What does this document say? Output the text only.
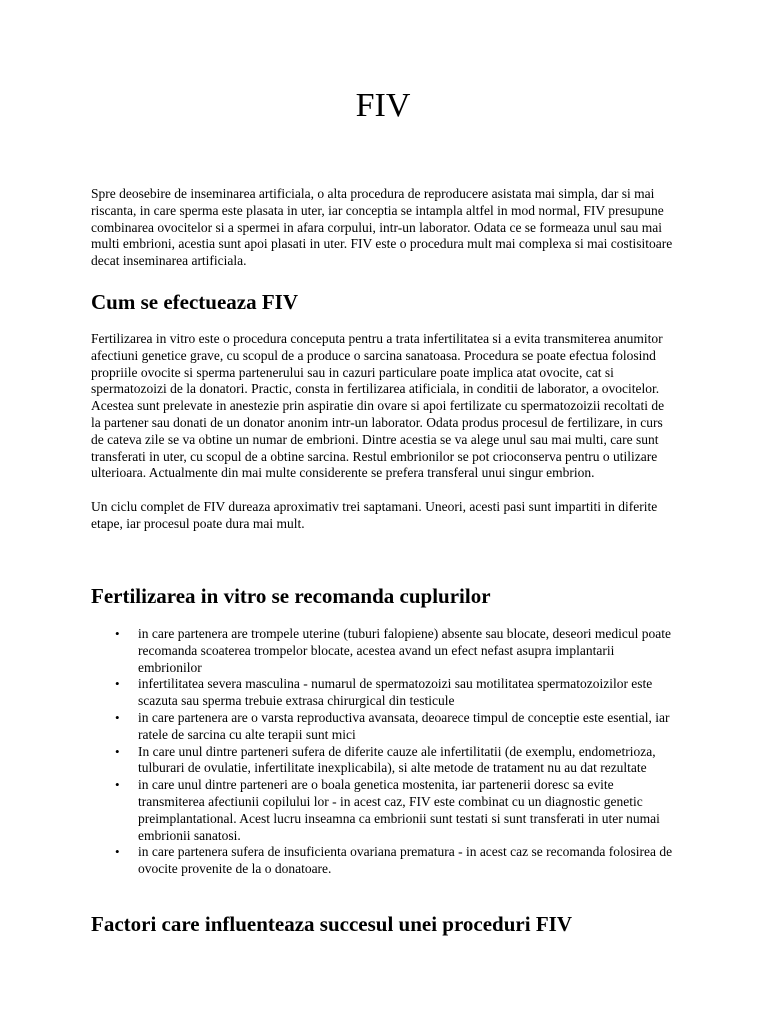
FIV

Spre deosebire de inseminarea artificiala, o alta procedura de reproducere asistata mai simpla, dar si mai riscanta, in care sperma este plasata in uter, iar conceptia se intampla altfel in mod normal, FIV presupune combinarea ovocitelor si a spermei in afara corpului, intr-un laborator. Odata ce se formeaza unul sau mai multi embrioni, acestia sunt apoi plasati in uter. FIV este o procedura mult mai complexa si mai costisitoare decat inseminarea artificiala.

Cum se efectueaza FIV

Fertilizarea in vitro este o procedura conceputa pentru a trata infertilitatea si a evita transmiterea anumitor afectiuni genetice grave, cu scopul de a produce o sarcina sanatoasa. Procedura se poate efectua folosind propriile ovocite si sperma partenerului sau in cazuri particulare poate implica atat ovocite, cat si spermatozoizi de la donatori. Practic, consta in fertilizarea atificiala, in conditii de laborator, a ovocitelor. Acestea sunt prelevate in anestezie prin aspiratie din ovare si apoi fertilizate cu spermatozoizii recoltati de la partener sau donati de un donator anonim intr-un laborator. Odata produs procesul de fertilizare, in curs de cateva zile se va obtine un numar de embrioni. Dintre acestia se va alege unul sau mai multi, care sunt transferati in uter, cu scopul de a obtine sarcina. Restul embrionilor se pot crioconserva pentru o utilizare ulterioara. Actualmente din mai multe considerente se prefera transferal unui singur embrion.

Un ciclu complet de FIV dureaza aproximativ trei saptamani. Uneori, acesti pasi sunt impartiti in diferite etape, iar procesul poate dura mai mult.

Fertilizarea in vitro se recomanda cuplurilor
• in care partenera are trompele uterine (tuburi falopiene) absente sau blocate, deseori medicul poate recomanda scoaterea trompelor blocate, acestea avand un efect nefast asupra implantarii embrionilor
• infertilitatea severa masculina - numarul de spermatozoizi sau motilitatea spermatozoizilor este scazuta sau sperma trebuie extrasa chirurgical din testicule
• in care partenera are o varsta reproductiva avansata, deoarece timpul de conceptie este esential, iar ratele de sarcina cu alte terapii sunt mici
• In care unul dintre parteneri sufera de diferite cauze ale infertilitatii (de exemplu, endometrioza, tulburari de ovulatie, infertilitate inexplicabila), si alte metode de tratament nu au dat rezultate
• in care unul dintre parteneri are o boala genetica mostenita, iar partenerii doresc sa evite transmiterea afectiunii copilului lor - in acest caz, FIV este combinat cu un diagnostic genetic preimplantational. Acest lucru inseamna ca embrionii sunt testati si sunt transferati in uter numai embrionii sanatosi.
• in care partenera sufera de insuficienta ovariana prematura - in acest caz se recomanda folosirea de ovocite provenite de la o donatoare.
Factori care influenteaza succesul unei proceduri FIV
